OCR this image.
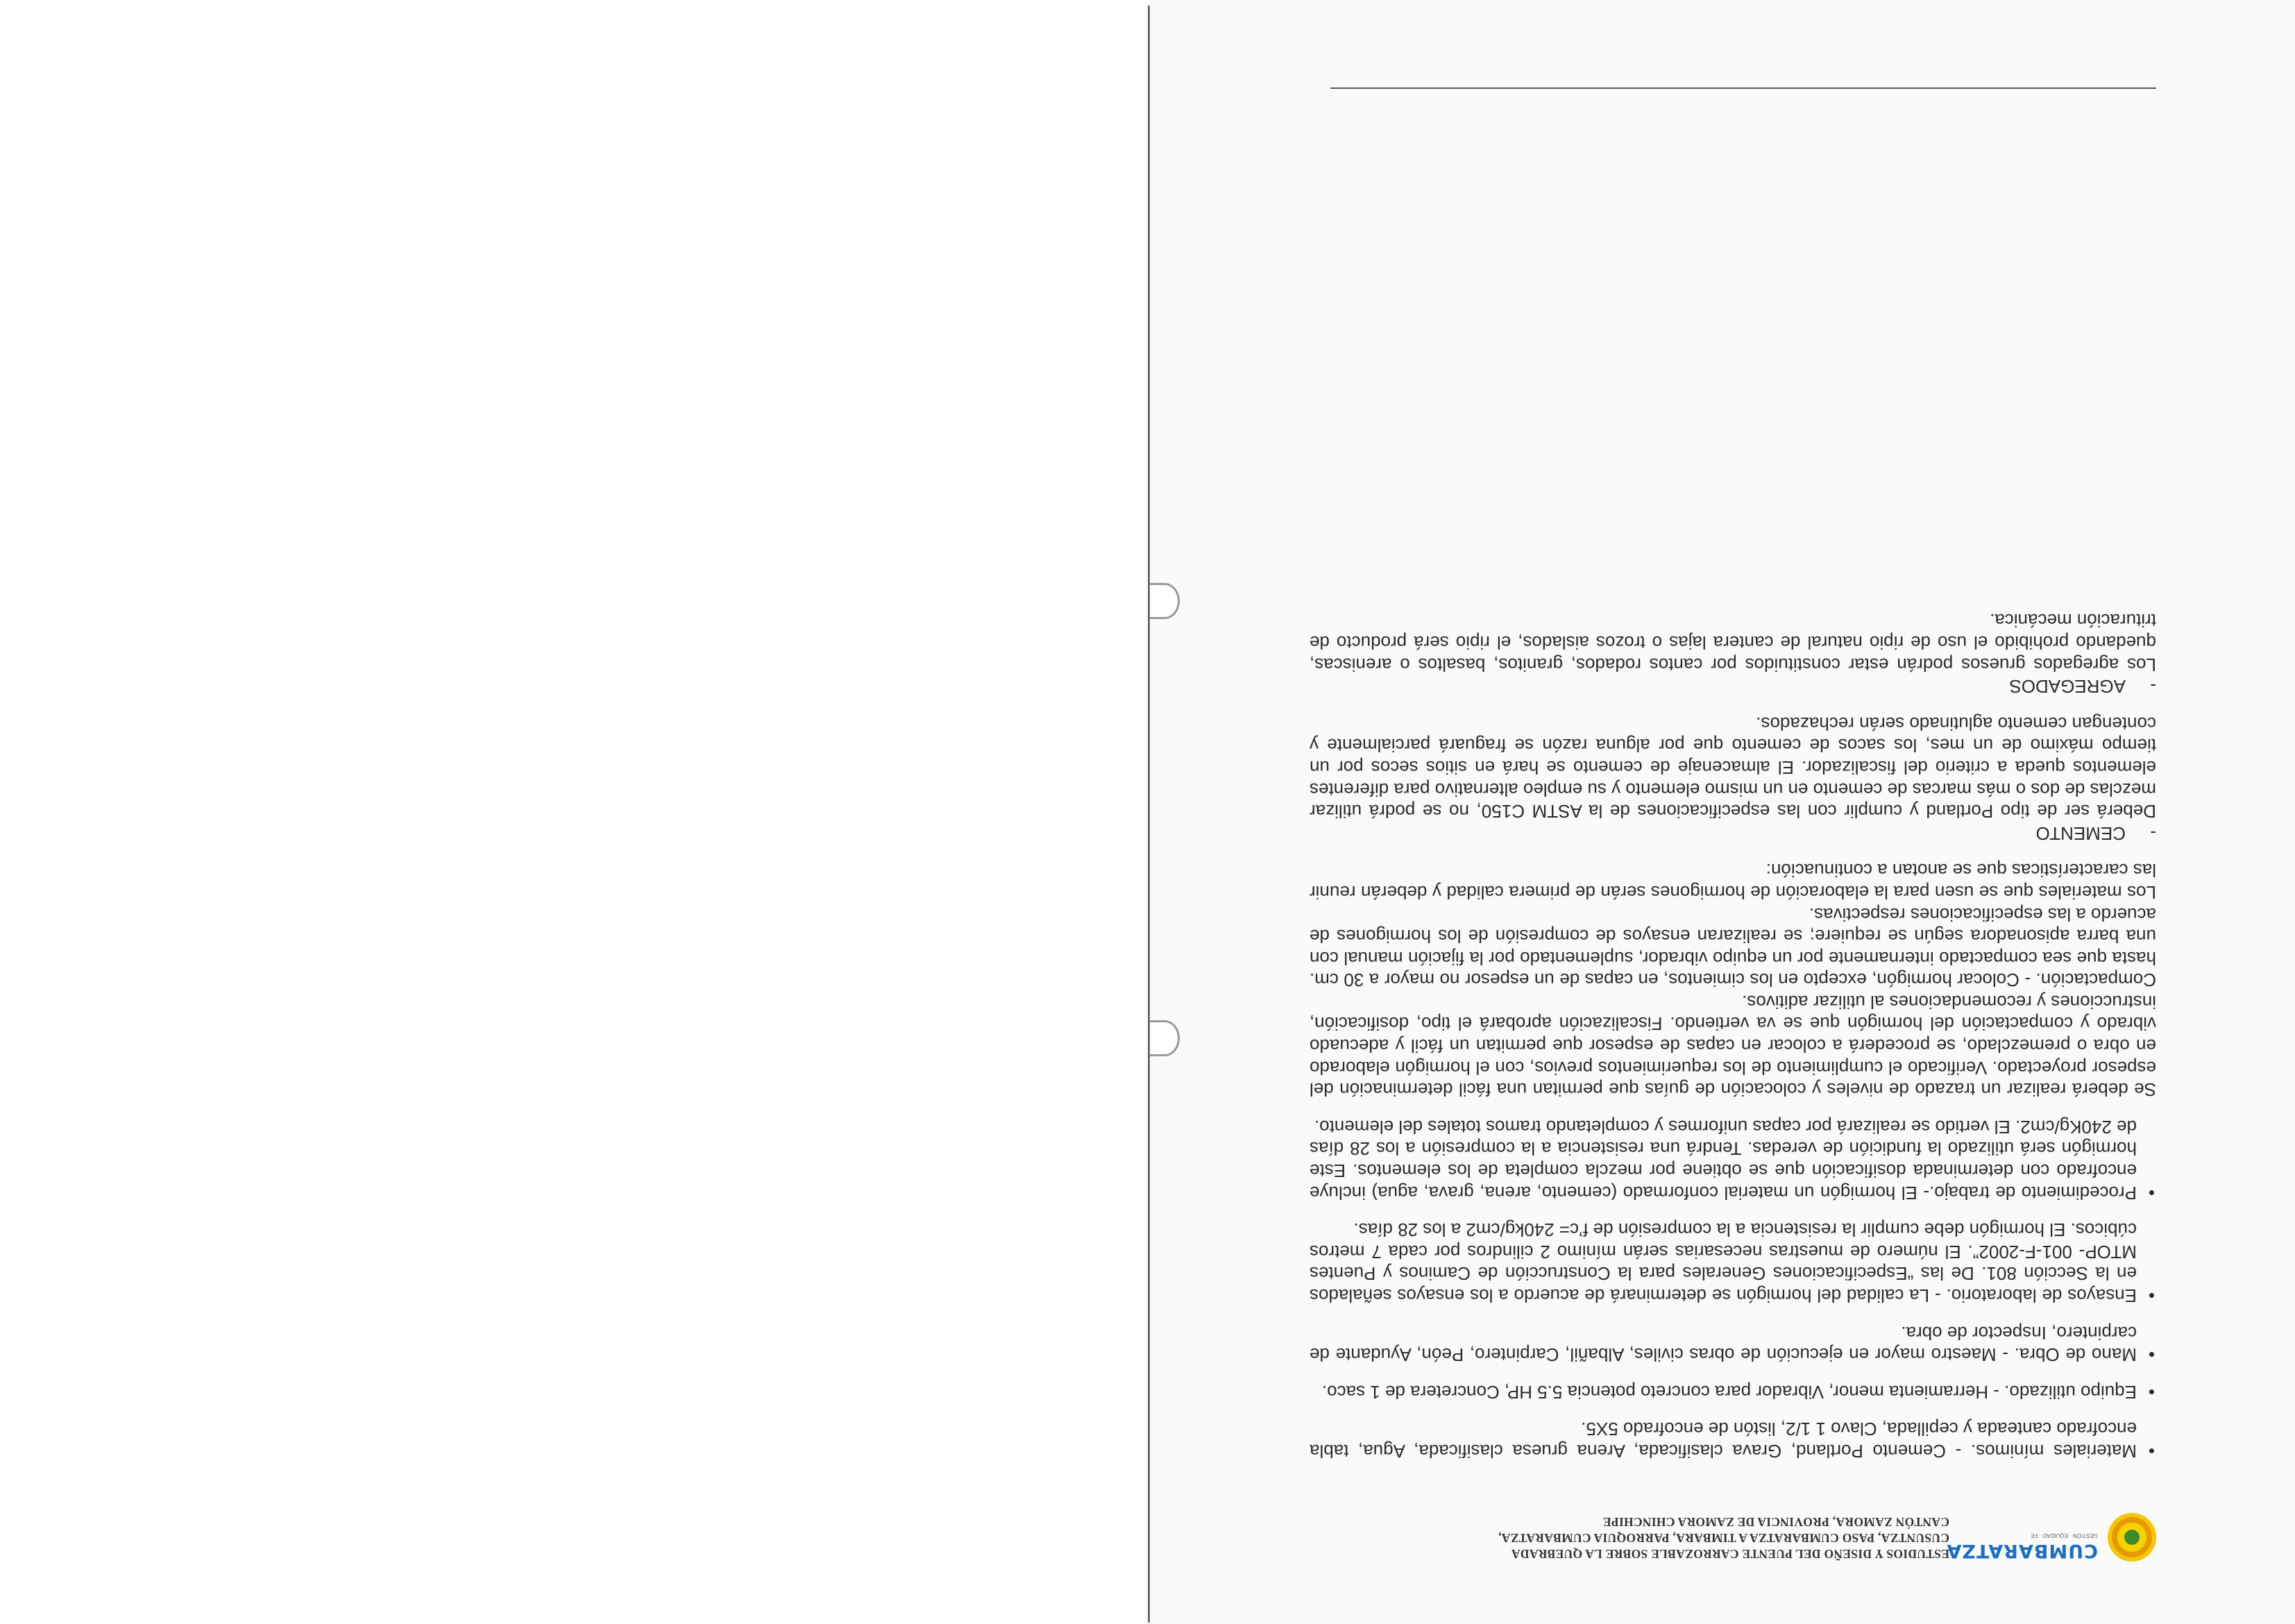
CUMBARATZA
GESTIÓN · EQUIDAD · FE
ESTUDIOS Y DISEÑO DEL PUENTE CARROZABLE SOBRE LA QUEBRADA
CUSUNTZA, PASO CUMBARATZA A TIMBARA, PARROQUIA CUMBARATZA,
CANTÓN ZAMORA, PROVINCIA DE ZAMORA CHINCHIPE
• Materiales mínimos. - Cemento Portland, Grava clasificada, Arena gruesa clasificada, Agua, tabla encofrado canteada y cepillada, Clavo 1 1/2, listón de encofrado 5X5.
• Equipo utilizado. - Herramienta menor, Vibrador para concreto potencia 5.5 HP, Concretera de 1 saco.
• Mano de Obra. - Maestro mayor en ejecución de obras civiles, Albañil, Carpintero, Peón, Ayudante de carpintero, Inspector de obra.
• Ensayos de laboratorio. - La calidad del hormigón se determinará de acuerdo a los ensayos señalados en la Sección 801. De las “Especificaciones Generales para la Construcción de Caminos y Puentes MTOP- 001-F-2002”. El número de muestras necesarias serán mínimo 2 cilindros por cada 7 metros cúbicos. El hormigón debe cumplir la resistencia a la compresión de f’c= 240kg/cm2 a los 28 días.
• Procedimiento de trabajo.- El hormigón un material conformado (cemento, arena, grava, agua) incluye encofrado con determinada dosificación que se obtiene por mezcla completa de los elementos. Este hormigón será utilizado la fundición de veredas. Tendrá una resistencia a la compresión a los 28 días de 240Kg/cm2. El vertido se realizará por capas uniformes y completando tramos totales del elemento.

Se deberá realizar un trazado de niveles y colocación de guías que permitan una fácil determinación del espesor proyectado. Verificado el cumplimiento de los requerimientos previos, con el hormigón elaborado en obra o premezclado, se procederá a colocar en capas de espesor que permitan un fácil y adecuado vibrado y compactación del hormigón que se va vertiendo. Fiscalización aprobará el tipo, dosificación, instrucciones y recomendaciones al utilizar aditivos.

Compactación. - Colocar hormigón, excepto en los cimientos, en capas de un espesor no mayor a 30 cm. hasta que sea compactado internamente por un equipo vibrador, suplementado por la fijación manual con una barra apisonadora según se requiere; se realizaran ensayos de compresión de los hormigones de acuerdo a las especificaciones respectivas.

Los materiales que se usen para la elaboración de hormigones serán de primera calidad y deberán reunir las características que se anotan a continuación:

-CEMENTO

Deberá ser de tipo Portland y cumplir con las especificaciones de la ASTM C150, no se podrá utilizar mezclas de dos o más marcas de cemento en un mismo elemento y su empleo alternativo para diferentes elementos queda a criterio del fiscalizador. El almacenaje de cemento se hará en sitios secos por un tiempo máximo de un mes, los sacos de cemento que por alguna razón se fraguará parcialmente y contengan cemento aglutinado serán rechazados.

-AGREGADOS

Los agregados gruesos podrán estar constituidos por cantos rodados, granitos, basaltos o areniscas, quedando prohibido el uso de ripio natural de cantera lajas o trozos aislados, el ripio será producto de trituración mecánica.
